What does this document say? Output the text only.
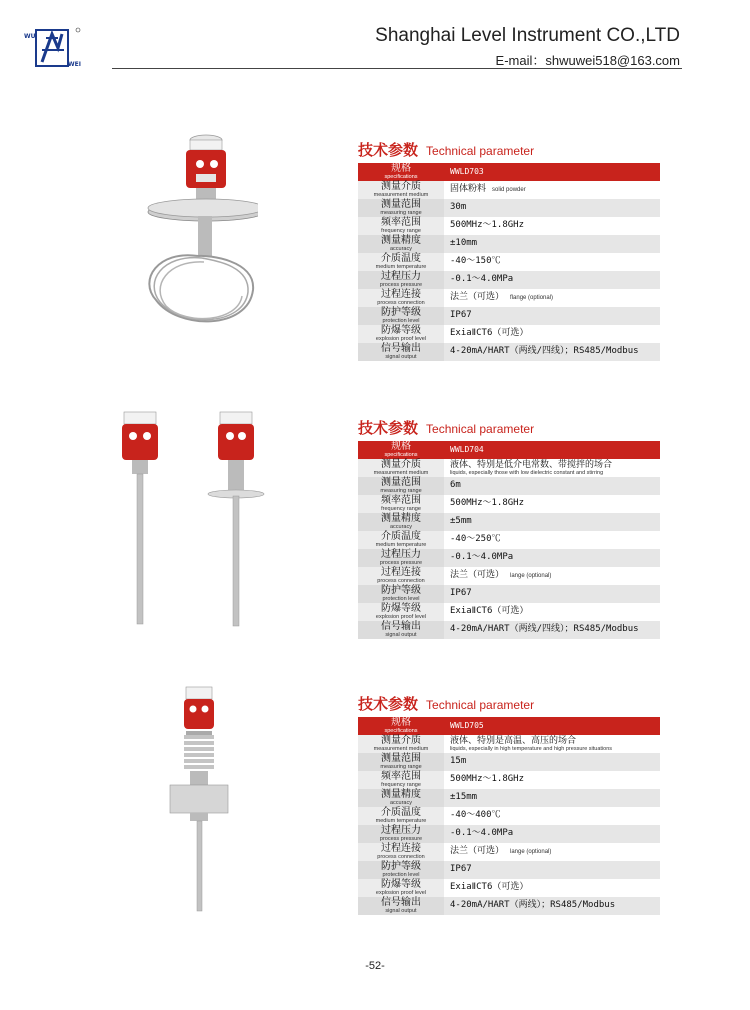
WU
WEI
Shanghai Level Instrument CO.,LTD
E-mail：shwuwei518@163.com
技术参数 Technical parameter
规格
specifications
WWLD703
测量介质
measurement medium
固体粉料 solid powder
测量范围
measuring range
30m
频率范围
frequency range
500MHz～1.8GHz
测量精度
accuracy
±10mm
介质温度
medium temperature
-40～150℃
过程压力
process pressure
-0.1～4.0MPa
过程连接
process connection
法兰（可选） flange (optional)
防护等级
protection level
IP67
防爆等级
explosion proof level
ExiaⅡCT6（可选）
信号输出
signal output
4-20mA/HART（两线/四线）；RS485/Modbus
技术参数 Technical parameter
规格
specifications
WWLD704
测量介质
measurement medium
液体、特别是低介电常数、带搅拌的场合
liquids, especially those with low dielectric constant and stirring
测量范围
measuring range
6m
频率范围
frequency range
500MHz～1.8GHz
测量精度
accuracy
±5mm
介质温度
medium temperature
-40～250℃
过程压力
process pressure
-0.1～4.0MPa
过程连接
process connection
法兰（可选） lange (optional)
防护等级
protection level
IP67
防爆等级
explosion proof level
ExiaⅡCT6（可选）
信号输出
signal output
4-20mA/HART（两线/四线）；RS485/Modbus
技术参数 Technical parameter
规格
specifications
WWLD705
测量介质
measurement medium
液体、特别是高温、高压的场合
liquids, especially in high temperature and high pressure situations
测量范围
measuring range
15m
频率范围
frequency range
500MHz～1.8GHz
测量精度
accuracy
±15mm
介质温度
medium temperature
-40～400℃
过程压力
process pressure
-0.1～4.0MPa
过程连接
process connection
法兰（可选） lange (optional)
防护等级
protection level
IP67
防爆等级
explosion proof level
ExiaⅡCT6（可选）
信号输出
signal output
4-20mA/HART（两线）；RS485/Modbus
-52-
